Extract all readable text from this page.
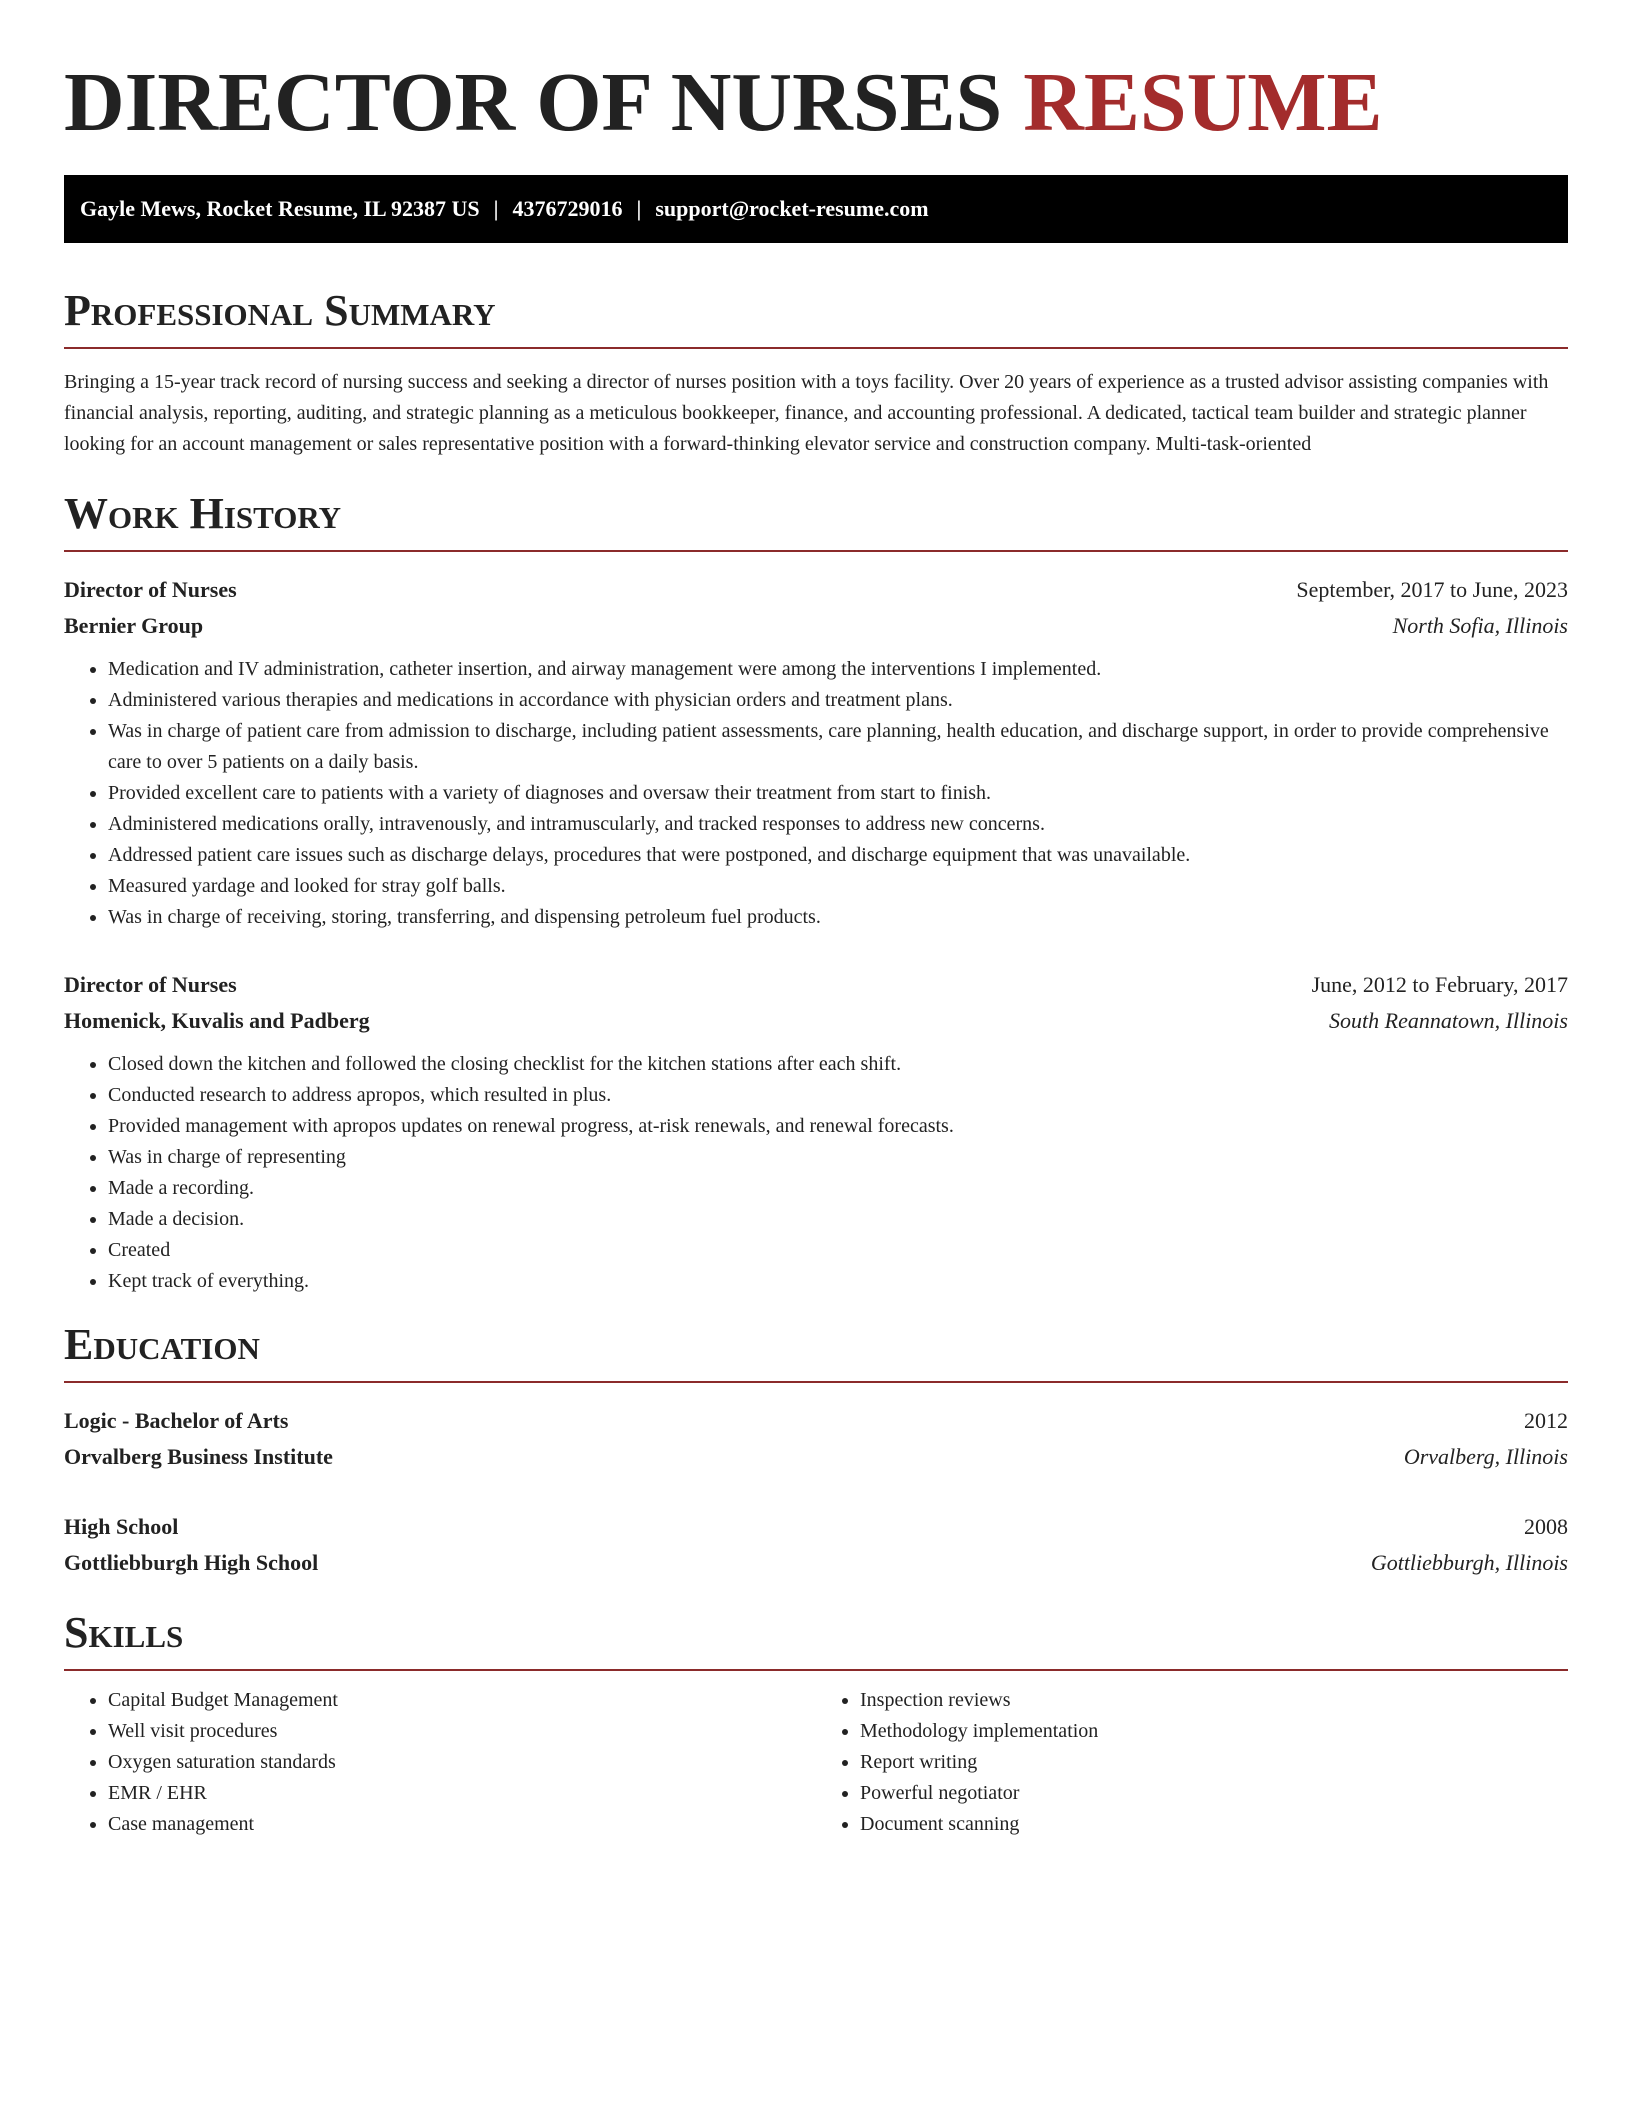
DIRECTOR OF NURSES RESUME
Gayle Mews, Rocket Resume, IL 92387 US | 4376729016 | support@rocket-resume.com
Professional Summary
Bringing a 15-year track record of nursing success and seeking a director of nurses position with a toys facility. Over 20 years of experience as a trusted advisor assisting companies with financial analysis, reporting, auditing, and strategic planning as a meticulous bookkeeper, finance, and accounting professional. A dedicated, tactical team builder and strategic planner looking for an account management or sales representative position with a forward-thinking elevator service and construction company. Multi-task-oriented
Work History
Director of Nurses	September, 2017 to June, 2023
Bernier Group	North Sofia, Illinois
• Medication and IV administration, catheter insertion, and airway management were among the interventions I implemented.
• Administered various therapies and medications in accordance with physician orders and treatment plans.
• Was in charge of patient care from admission to discharge, including patient assessments, care planning, health education, and discharge support, in order to provide comprehensive care to over 5 patients on a daily basis.
• Provided excellent care to patients with a variety of diagnoses and oversaw their treatment from start to finish.
• Administered medications orally, intravenously, and intramuscularly, and tracked responses to address new concerns.
• Addressed patient care issues such as discharge delays, procedures that were postponed, and discharge equipment that was unavailable.
• Measured yardage and looked for stray golf balls.
• Was in charge of receiving, storing, transferring, and dispensing petroleum fuel products.
Director of Nurses	June, 2012 to February, 2017
Homenick, Kuvalis and Padberg	South Reannatown, Illinois
• Closed down the kitchen and followed the closing checklist for the kitchen stations after each shift.
• Conducted research to address apropos, which resulted in plus.
• Provided management with apropos updates on renewal progress, at-risk renewals, and renewal forecasts.
• Was in charge of representing
• Made a recording.
• Made a decision.
• Created
• Kept track of everything.
Education
Logic - Bachelor of Arts	2012
Orvalberg Business Institute	Orvalberg, Illinois
High School	2008
Gottliebburgh High School	Gottliebburgh, Illinois
Skills
• Capital Budget Management
• Well visit procedures
• Oxygen saturation standards
• EMR / EHR
• Case management
• Inspection reviews
• Methodology implementation
• Report writing
• Powerful negotiator
• Document scanning
